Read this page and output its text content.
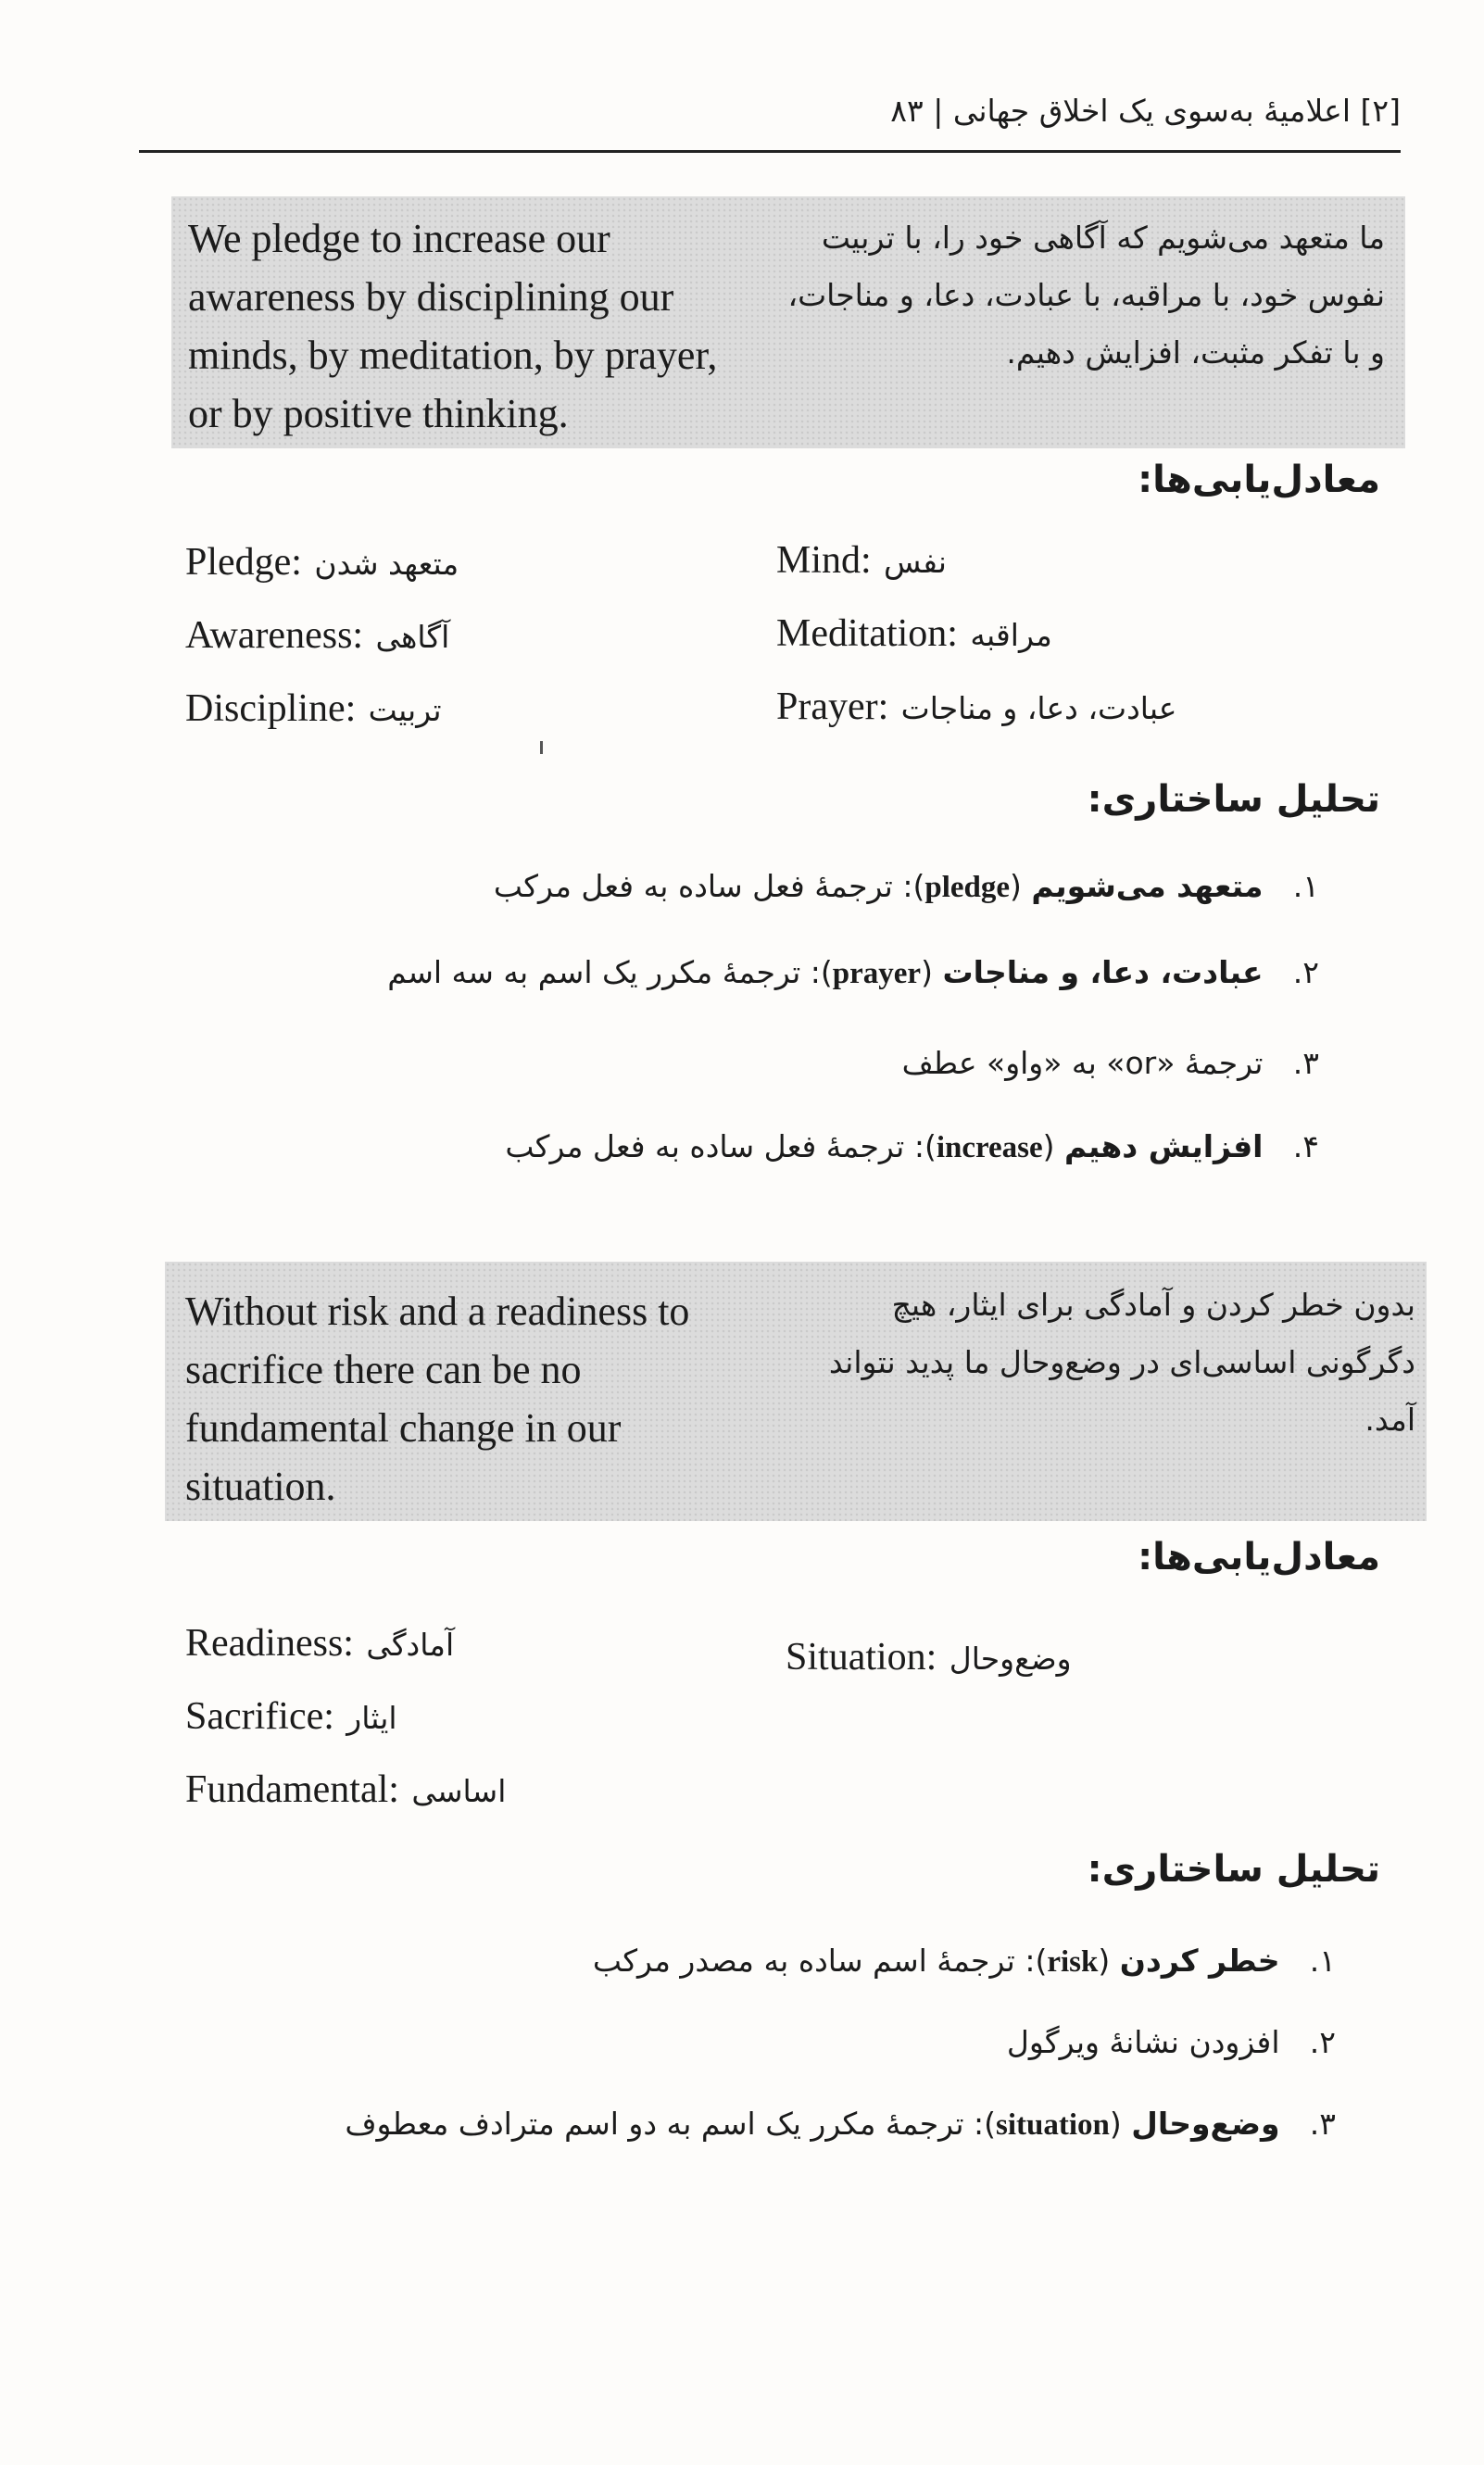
[۲] اعلامیهٔ به‌سوی یک اخلاق جهانی | ۸۳
We pledge to increase our
awareness by disciplining our
minds, by meditation, by prayer,
or by positive thinking.
ما متعهد می‌شویم که آگاهی خود را، با تربیت
نفوس خود، با مراقبه، با عبادت، دعا، و مناجات،
و با تفکر مثبت، افزایش دهیم.
معادل‌یابی‌ها:
Pledge: متعهد شدن
Awareness: آگاهی
Discipline: تربیت
Mind: نفس
Meditation: مراقبه
Prayer: عبادت، دعا، و مناجات
تحلیل ساختاری:
۱. متعهد می‌شویم (pledge): ترجمهٔ فعل ساده به فعل مرکب
۲. عبادت، دعا، و مناجات (prayer): ترجمهٔ مکرر یک اسم به سه اسم
۳. ترجمهٔ «or» به «واو» عطف
۴. افزایش دهیم (increase): ترجمهٔ فعل ساده به فعل مرکب
Without risk and a readiness to
sacrifice there can be no
fundamental change in our
situation.
بدون خطر کردن و آمادگی برای ایثار، هیچ
دگرگونی اساسی‌ای در وضع‌وحال ما پدید نتواند
آمد.
معادل‌یابی‌ها:
Readiness: آمادگی
Sacrifice: ایثار
Fundamental: اساسی
Situation: وضع‌وحال
تحلیل ساختاری:
۱. خطر کردن (risk): ترجمهٔ اسم ساده به مصدر مرکب
۲. افزودن نشانهٔ ویرگول
۳. وضع‌وحال (situation): ترجمهٔ مکرر یک اسم به دو اسم مترادف معطوف
